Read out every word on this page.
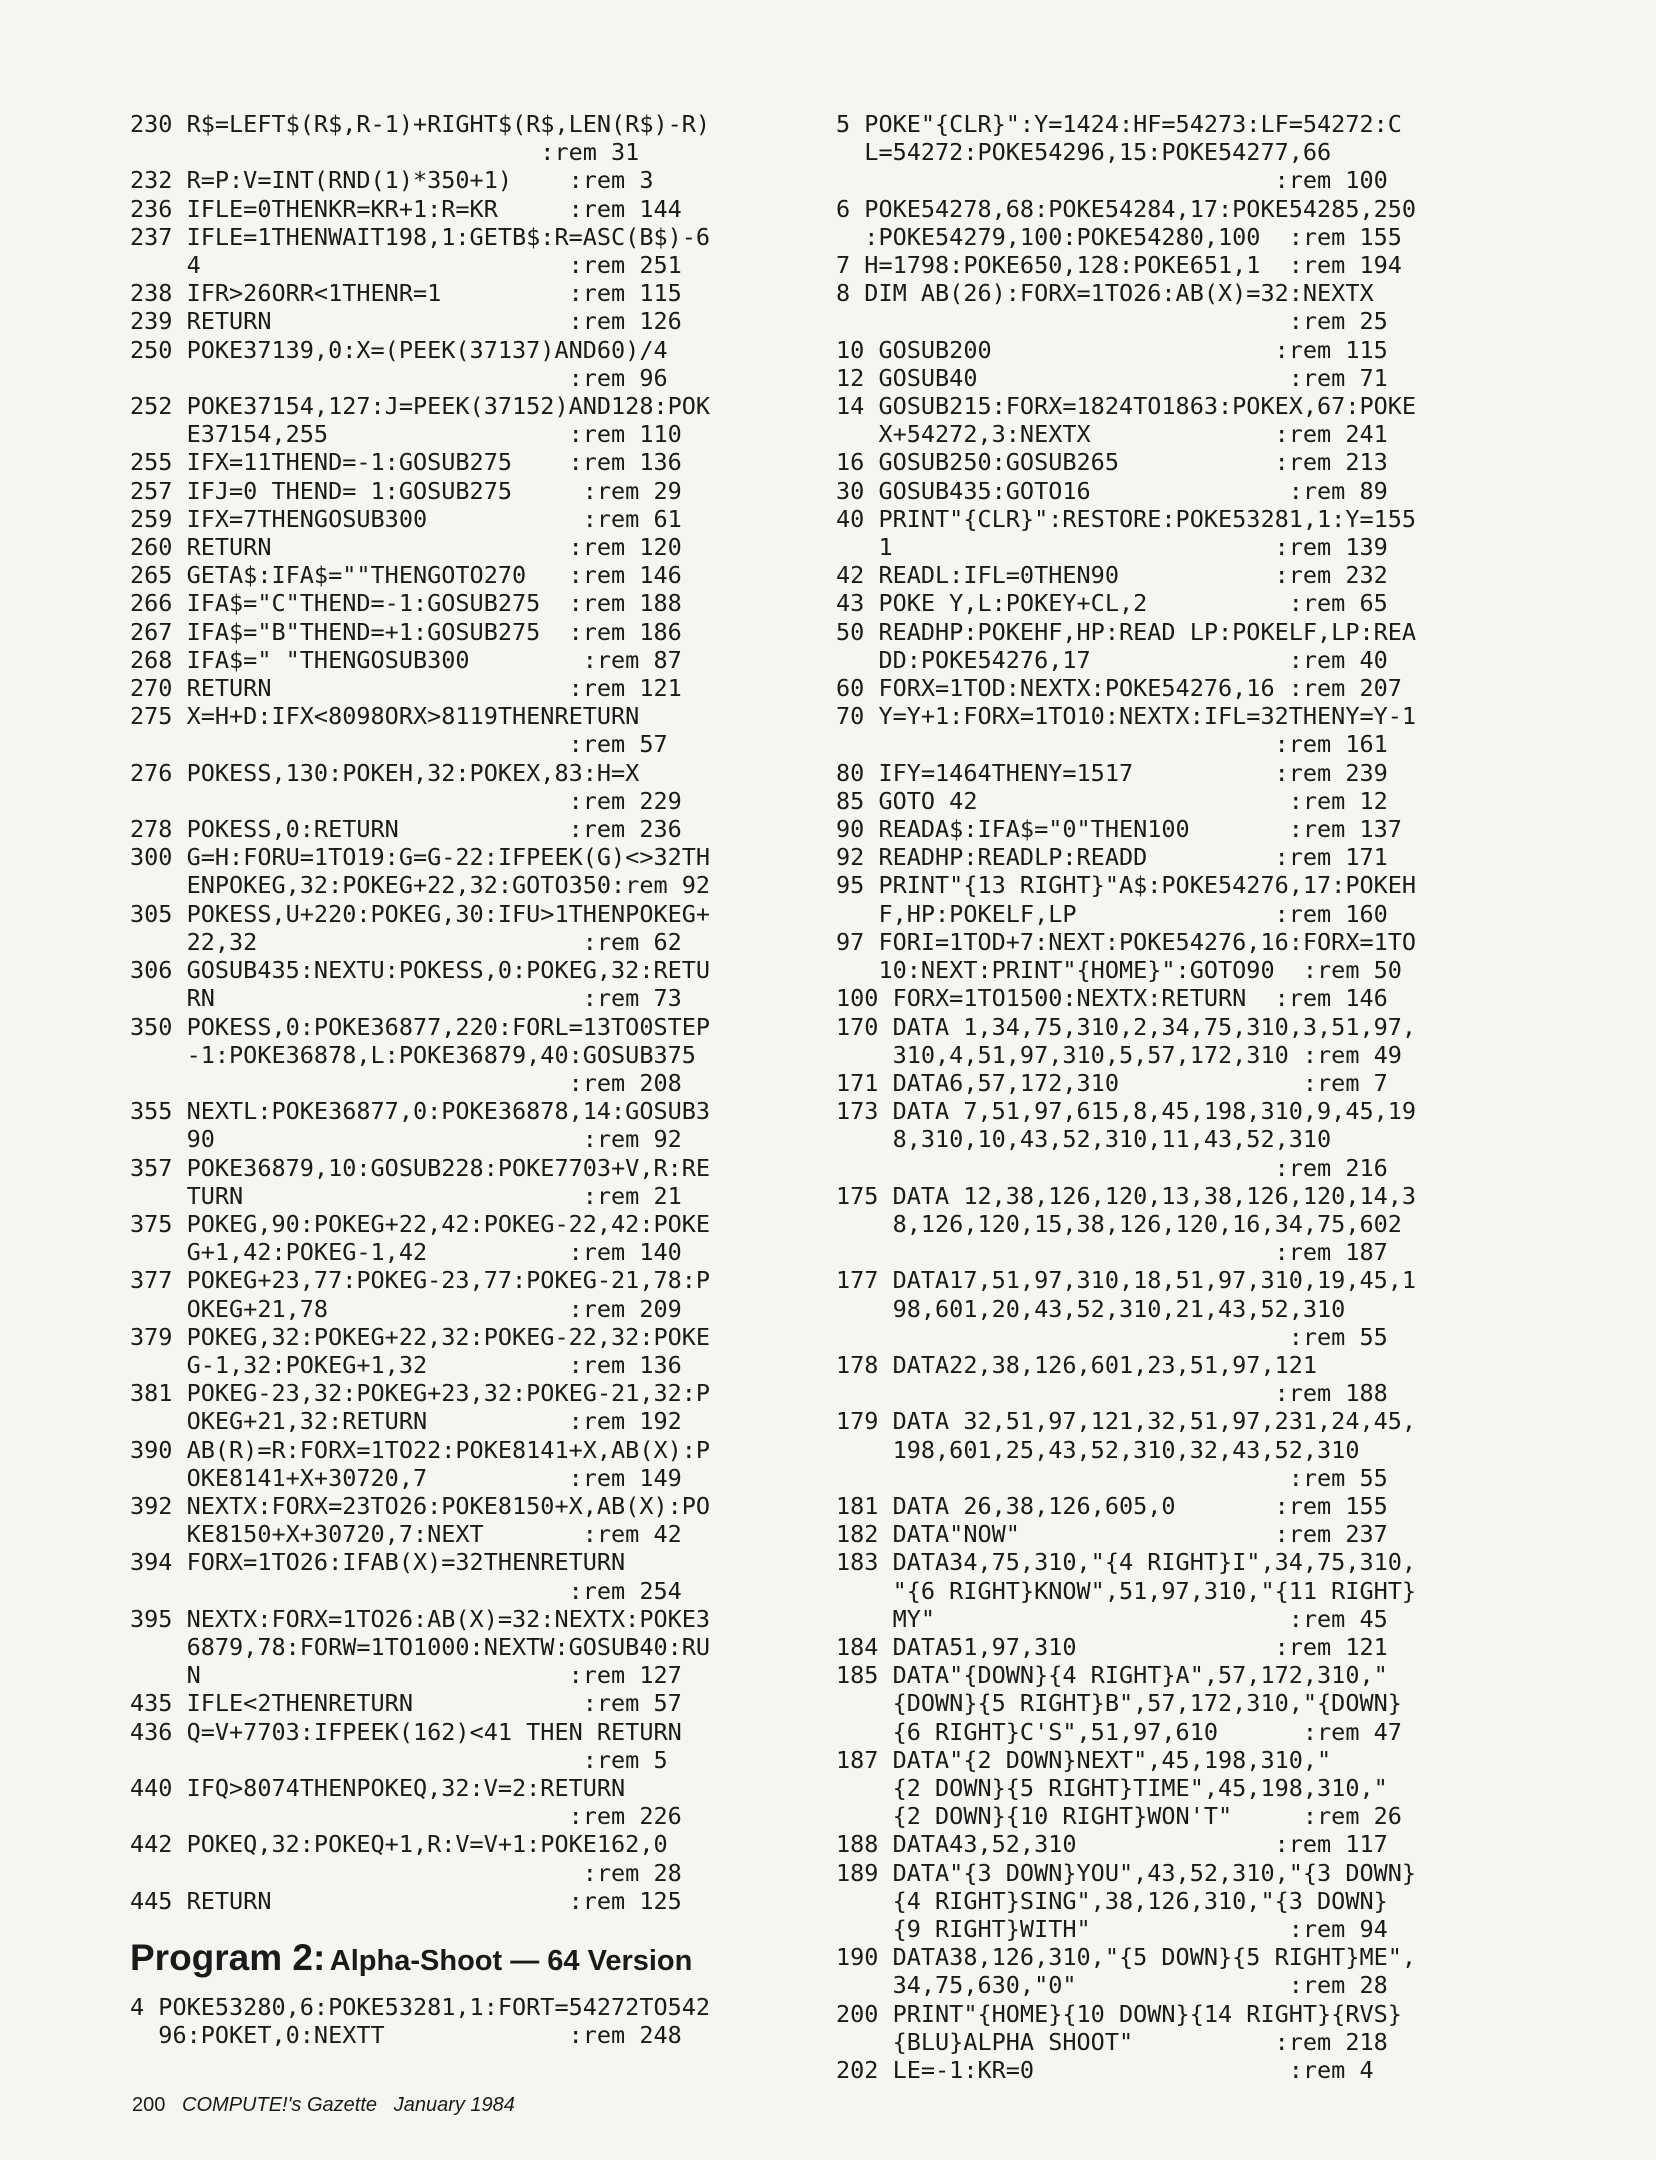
230 R$=LEFT$(R$,R-1)+RIGHT$(R$,LEN(R$)-R)
:rem 31
232 R=P:V=INT(RND(1)*350+1)    :rem 3
236 IFLE=0THENKR=KR+1:R=KR     :rem 144
237 IFLE=1THENWAIT198,1:GETB$:R=ASC(B$)-6
4                          :rem 251
238 IFR>26ORR<1THENR=1         :rem 115
239 RETURN                     :rem 126
250 POKE37139,0:X=(PEEK(37137)AND60)/4
:rem 96
252 POKE37154,127:J=PEEK(37152)AND128:POK
E37154,255                 :rem 110
255 IFX=11THEND=-1:GOSUB275    :rem 136
257 IFJ=0 THEND= 1:GOSUB275     :rem 29
259 IFX=7THENGOSUB300           :rem 61
260 RETURN                     :rem 120
265 GETA$:IFA$=""THENGOTO270   :rem 146
266 IFA$="C"THEND=-1:GOSUB275  :rem 188
267 IFA$="B"THEND=+1:GOSUB275  :rem 186
268 IFA$=" "THENGOSUB300        :rem 87
270 RETURN                     :rem 121
275 X=H+D:IFX<8098ORX>8119THENRETURN
:rem 57
276 POKESS,130:POKEH,32:POKEX,83:H=X
:rem 229
278 POKESS,0:RETURN            :rem 236
300 G=H:FORU=1TO19:G=G-22:IFPEEK(G)<>32TH
ENPOKEG,32:POKEG+22,32:GOTO350:rem 92
305 POKESS,U+220:POKEG,30:IFU>1THENPOKEG+
22,32                       :rem 62
306 GOSUB435:NEXTU:POKESS,0:POKEG,32:RETU
RN                          :rem 73
350 POKESS,0:POKE36877,220:FORL=13TO0STEP
-1:POKE36878,L:POKE36879,40:GOSUB375
:rem 208
355 NEXTL:POKE36877,0:POKE36878,14:GOSUB3
90                          :rem 92
357 POKE36879,10:GOSUB228:POKE7703+V,R:RE
TURN                        :rem 21
375 POKEG,90:POKEG+22,42:POKEG-22,42:POKE
G+1,42:POKEG-1,42          :rem 140
377 POKEG+23,77:POKEG-23,77:POKEG-21,78:P
OKEG+21,78                 :rem 209
379 POKEG,32:POKEG+22,32:POKEG-22,32:POKE
G-1,32:POKEG+1,32          :rem 136
381 POKEG-23,32:POKEG+23,32:POKEG-21,32:P
OKEG+21,32:RETURN          :rem 192
390 AB(R)=R:FORX=1TO22:POKE8141+X,AB(X):P
OKE8141+X+30720,7          :rem 149
392 NEXTX:FORX=23TO26:POKE8150+X,AB(X):PO
KE8150+X+30720,7:NEXT       :rem 42
394 FORX=1TO26:IFAB(X)=32THENRETURN
:rem 254
395 NEXTX:FORX=1TO26:AB(X)=32:NEXTX:POKE3
6879,78:FORW=1TO1000:NEXTW:GOSUB40:RU
N                          :rem 127
435 IFLE<2THENRETURN            :rem 57
436 Q=V+7703:IFPEEK(162)<41 THEN RETURN
:rem 5
440 IFQ>8074THENPOKEQ,32:V=2:RETURN
:rem 226
442 POKEQ,32:POKEQ+1,R:V=V+1:POKE162,0
:rem 28
445 RETURN                     :rem 125
Program 2: Alpha-Shoot — 64 Version
4 POKE53280,6:POKE53281,1:FORT=54272TO542
96:POKET,0:NEXTT             :rem 248
5 POKE"{CLR}":Y=1424:HF=54273:LF=54272:C
L=54272:POKE54296,15:POKE54277,66
:rem 100
6 POKE54278,68:POKE54284,17:POKE54285,250
:POKE54279,100:POKE54280,100  :rem 155
7 H=1798:POKE650,128:POKE651,1  :rem 194
8 DIM AB(26):FORX=1TO26:AB(X)=32:NEXTX
:rem 25
10 GOSUB200                    :rem 115
12 GOSUB40                      :rem 71
14 GOSUB215:FORX=1824TO1863:POKEX,67:POKE
X+54272,3:NEXTX             :rem 241
16 GOSUB250:GOSUB265           :rem 213
30 GOSUB435:GOTO16              :rem 89
40 PRINT"{CLR}":RESTORE:POKE53281,1:Y=155
1                           :rem 139
42 READL:IFL=0THEN90           :rem 232
43 POKE Y,L:POKEY+CL,2          :rem 65
50 READHP:POKEHF,HP:READ LP:POKELF,LP:REA
DD:POKE54276,17              :rem 40
60 FORX=1TOD:NEXTX:POKE54276,16 :rem 207
70 Y=Y+1:FORX=1TO10:NEXTX:IFL=32THENY=Y-1
:rem 161
80 IFY=1464THENY=1517          :rem 239
85 GOTO 42                      :rem 12
90 READA$:IFA$="0"THEN100       :rem 137
92 READHP:READLP:READD         :rem 171
95 PRINT"{13 RIGHT}"A$:POKE54276,17:POKEH
F,HP:POKELF,LP              :rem 160
97 FORI=1TOD+7:NEXT:POKE54276,16:FORX=1TO
10:NEXT:PRINT"{HOME}":GOTO90  :rem 50
100 FORX=1TO1500:NEXTX:RETURN  :rem 146
170 DATA 1,34,75,310,2,34,75,310,3,51,97,
310,4,51,97,310,5,57,172,310 :rem 49
171 DATA6,57,172,310             :rem 7
173 DATA 7,51,97,615,8,45,198,310,9,45,19
8,310,10,43,52,310,11,43,52,310
:rem 216
175 DATA 12,38,126,120,13,38,126,120,14,3
8,126,120,15,38,126,120,16,34,75,602
:rem 187
177 DATA17,51,97,310,18,51,97,310,19,45,1
98,601,20,43,52,310,21,43,52,310
:rem 55
178 DATA22,38,126,601,23,51,97,121
:rem 188
179 DATA 32,51,97,121,32,51,97,231,24,45,
198,601,25,43,52,310,32,43,52,310
:rem 55
181 DATA 26,38,126,605,0       :rem 155
182 DATA"NOW"                  :rem 237
183 DATA34,75,310,"{4 RIGHT}I",34,75,310,
"{6 RIGHT}KNOW",51,97,310,"{11 RIGHT}
MY"                         :rem 45
184 DATA51,97,310              :rem 121
185 DATA"{DOWN}{4 RIGHT}A",57,172,310,"
{DOWN}{5 RIGHT}B",57,172,310,"{DOWN}
{6 RIGHT}C'S",51,97,610      :rem 47
187 DATA"{2 DOWN}NEXT",45,198,310,"
{2 DOWN}{5 RIGHT}TIME",45,198,310,"
{2 DOWN}{10 RIGHT}WON'T"     :rem 26
188 DATA43,52,310              :rem 117
189 DATA"{3 DOWN}YOU",43,52,310,"{3 DOWN}
{4 RIGHT}SING",38,126,310,"{3 DOWN}
{9 RIGHT}WITH"              :rem 94
190 DATA38,126,310,"{5 DOWN}{5 RIGHT}ME",
34,75,630,"0"               :rem 28
200 PRINT"{HOME}{10 DOWN}{14 RIGHT}{RVS}
{BLU}ALPHA SHOOT"          :rem 218
202 LE=-1:KR=0                  :rem 4
200 COMPUTE!'s Gazette January 1984
